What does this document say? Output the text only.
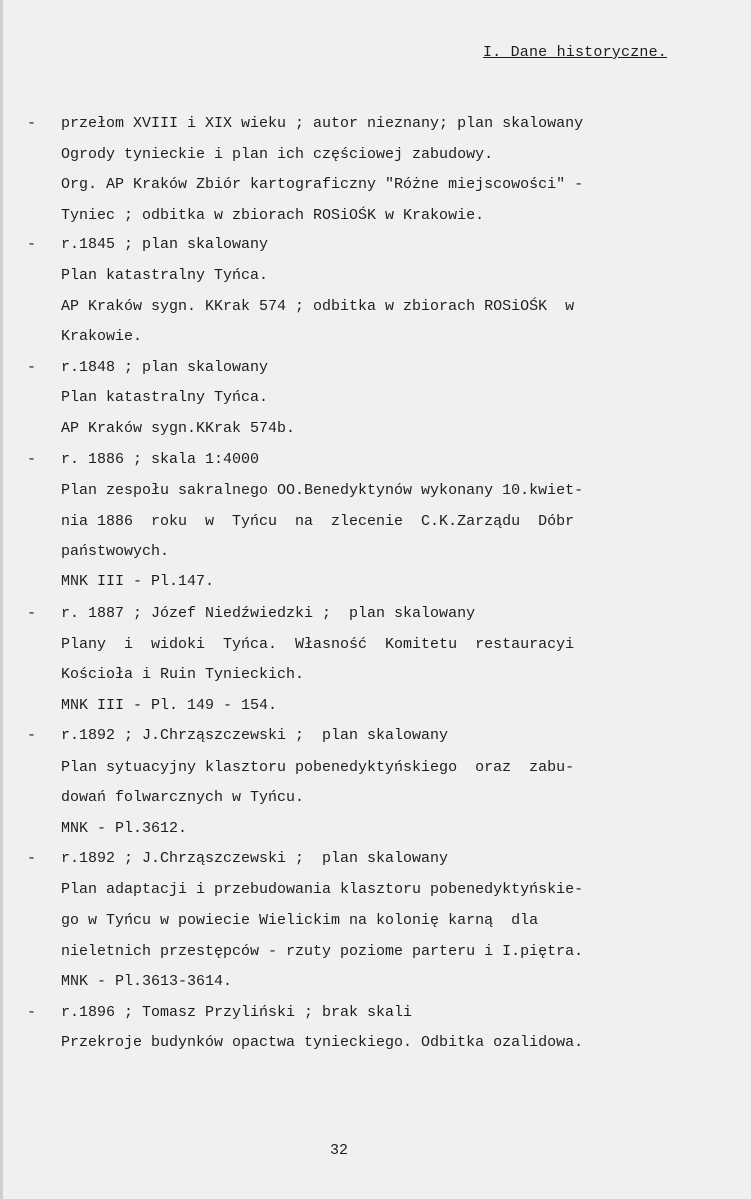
I. Dane historyczne.
- przełom XVIII i XIX wieku ; autor nieznany; plan skalowany
Ogrody tynieckie i plan ich częściowej zabudowy.
Org. AP Kraków Zbiór kartograficzny "Różne miejscowości" -
Tyniec ; odbitka w zbiorach ROSiOŚK w Krakowie.
- r.1845 ; plan skalowany
Plan katastralny Tyńca.
AP Kraków sygn. KKrak 574 ; odbitka w zbiorach ROSiOŚK  w
Krakowie.
- r.1848 ; plan skalowany
Plan katastralny Tyńca.
AP Kraków sygn.KKrak 574b.
- r. 1886 ; skala 1:4000
Plan zespołu sakralnego OO.Benedyktynów wykonany 10.kwiet-
nia 1886  roku  w  Tyńcu  na  zlecenie  C.K.Zarządu  Dóbr
państwowych.
MNK III - Pl.147.
- r. 1887 ; Józef Niedźwiedzki ;  plan skalowany
Plany  i  widoki  Tyńca.  Własność  Komitetu  restauracyi
Kościoła i Ruin Tynieckich.
MNK III - Pl. 149 - 154.
- r.1892 ; J.Chrząszczewski ;  plan skalowany
Plan sytuacyjny klasztoru pobenedyktyńskiego  oraz  zabu-
dowań folwarcznych w Tyńcu.
MNK - Pl.3612.
- r.1892 ; J.Chrząszczewski ;  plan skalowany
Plan adaptacji i przebudowania klasztoru pobenedyktyńskie-
go w Tyńcu w powiecie Wielickim na kolonię karną  dla
nieletnich przestępców - rzuty poziome parteru i I.piętra.
MNK - Pl.3613-3614.
- r.1896 ; Tomasz Przyliński ; brak skali
Przekroje budynków opactwa tynieckiego. Odbitka ozalidowa.
32
